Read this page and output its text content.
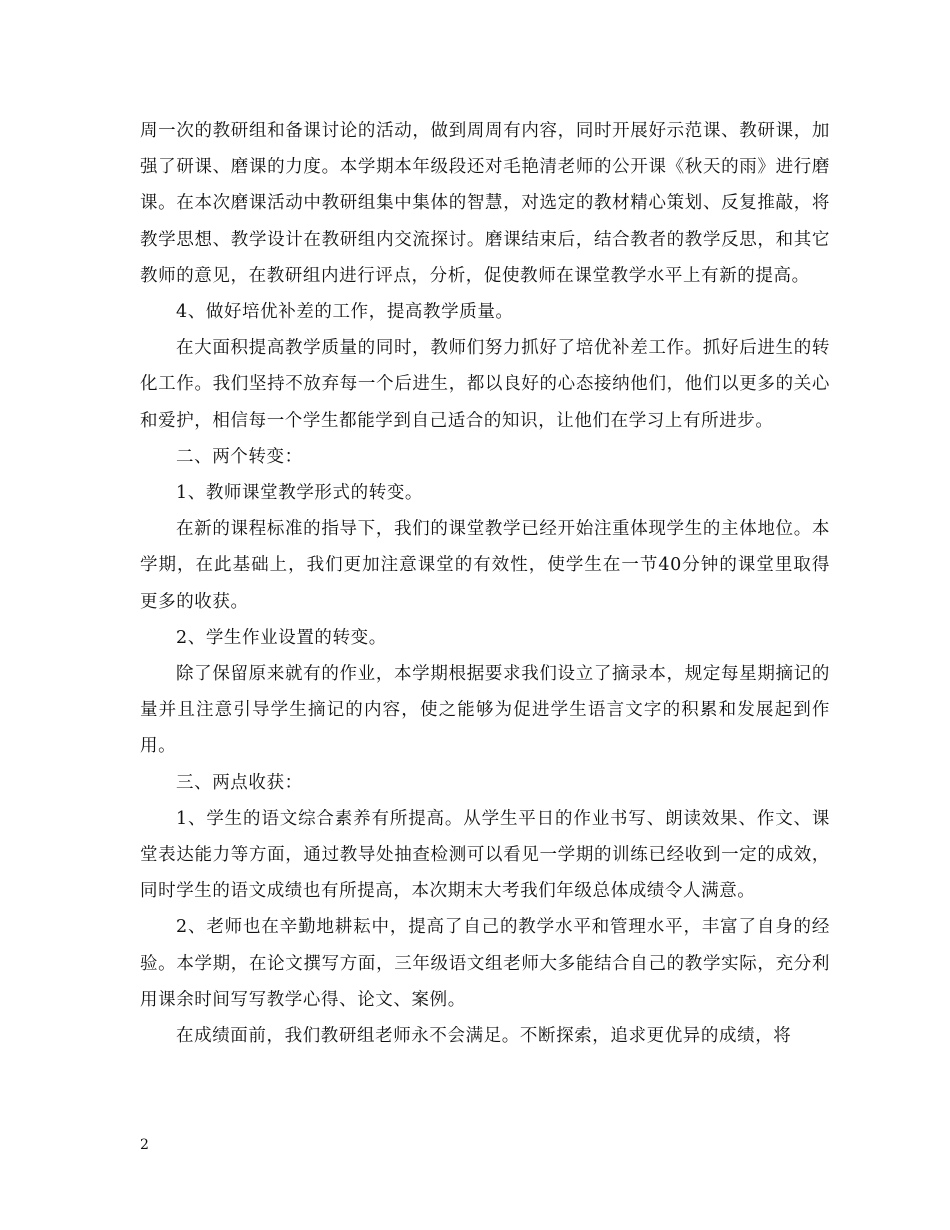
周一次的教研组和备课讨论的活动，做到周周有内容，同时开展好示范课、教研课，加强了研课、磨课的力度。本学期本年级段还对毛艳清老师的公开课《秋天的雨》进行磨课。在本次磨课活动中教研组集中集体的智慧，对选定的教材精心策划、反复推敲，将教学思想、教学设计在教研组内交流探讨。磨课结束后，结合教者的教学反思，和其它教师的意见，在教研组内进行评点，分析，促使教师在课堂教学水平上有新的提高。

4、做好培优补差的工作，提高教学质量。

在大面积提高教学质量的同时，教师们努力抓好了培优补差工作。抓好后进生的转化工作。我们坚持不放弃每一个后进生，都以良好的心态接纳他们，他们以更多的关心和爱护，相信每一个学生都能学到自己适合的知识，让他们在学习上有所进步。

二、两个转变：

1、教师课堂教学形式的转变。

在新的课程标准的指导下，我们的课堂教学已经开始注重体现学生的主体地位。本学期，在此基础上，我们更加注意课堂的有效性，使学生在一节40分钟的课堂里取得更多的收获。

2、学生作业设置的转变。

除了保留原来就有的作业，本学期根据要求我们设立了摘录本，规定每星期摘记的量并且注意引导学生摘记的内容，使之能够为促进学生语言文字的积累和发展起到作用。

三、两点收获：

1、学生的语文综合素养有所提高。从学生平日的作业书写、朗读效果、作文、课堂表达能力等方面，通过教导处抽查检测可以看见一学期的训练已经收到一定的成效，同时学生的语文成绩也有所提高，本次期末大考我们年级总体成绩令人满意。

2、老师也在辛勤地耕耘中，提高了自己的教学水平和管理水平，丰富了自身的经验。本学期，在论文撰写方面，三年级语文组老师大多能结合自己的教学实际，充分利用课余时间写写教学心得、论文、案例。

在成绩面前，我们教研组老师永不会满足。不断探索，追求更优异的成绩，将

2
